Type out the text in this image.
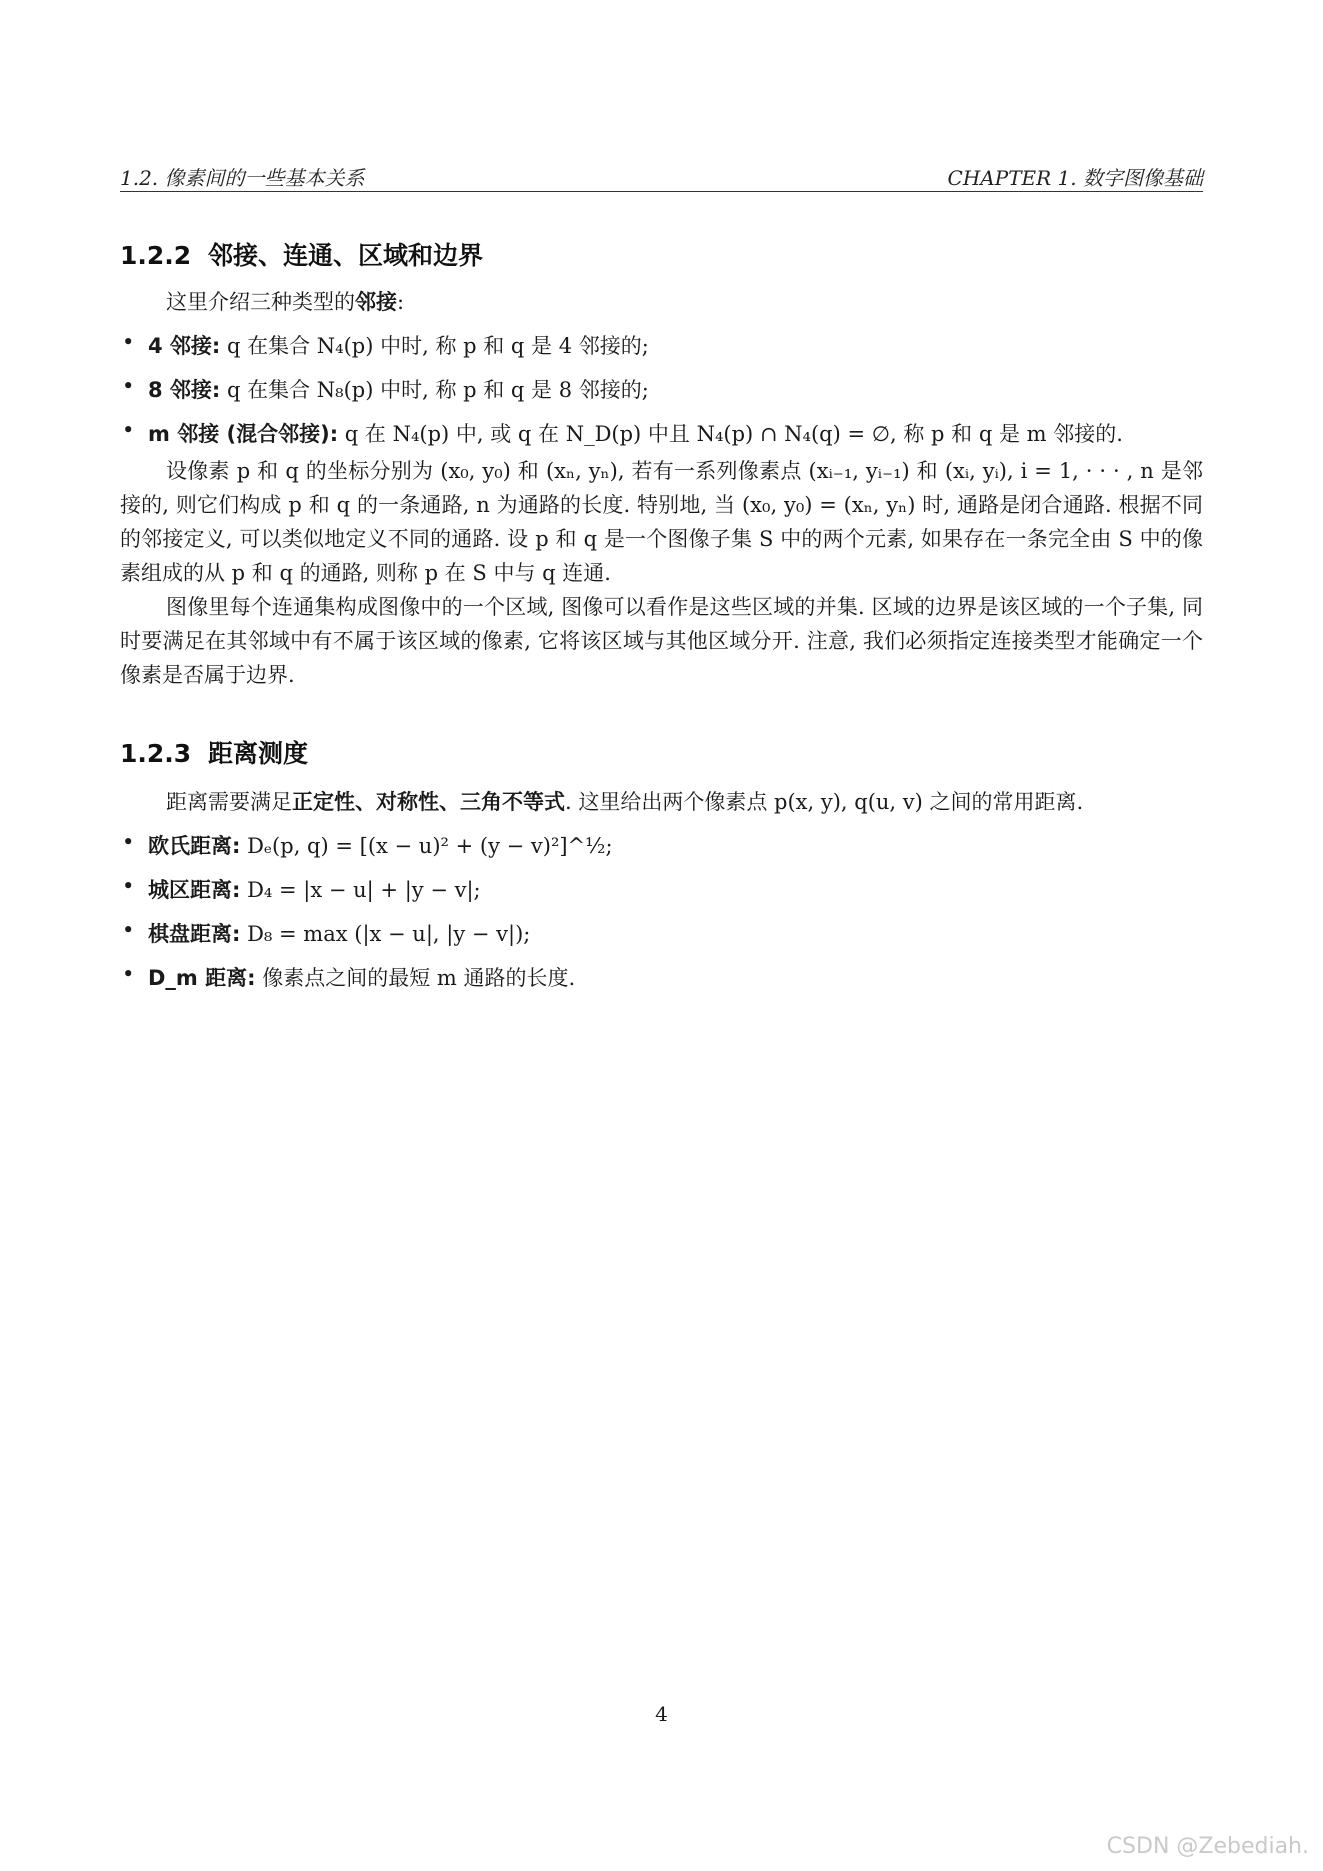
1.2. 像素间的一些基本关系	CHAPTER 1. 数字图像基础
1.2.2 邻接、连通、区域和边界
这里介绍三种类型的邻接:
• 4 邻接: q 在集合 N₄(p) 中时, 称 p 和 q 是 4 邻接的;
• 8 邻接: q 在集合 N₈(p) 中时, 称 p 和 q 是 8 邻接的;
• m 邻接 (混合邻接): q 在 N₄(p) 中, 或 q 在 N_D(p) 中且 N₄(p) ∩ N₄(q) = ∅, 称 p 和 q 是 m 邻接的.
设像素 p 和 q 的坐标分别为 (x₀, y₀) 和 (xₙ, yₙ), 若有一系列像素点 (xᵢ₋₁, yᵢ₋₁) 和 (xᵢ, yᵢ), i = 1, · · · , n 是邻接的, 则它们构成 p 和 q 的一条通路, n 为通路的长度. 特别地, 当 (x₀, y₀) = (xₙ, yₙ) 时, 通路是闭合通路. 根据不同的邻接定义, 可以类似地定义不同的通路. 设 p 和 q 是一个图像子集 S 中的两个元素, 如果存在一条完全由 S 中的像素组成的从 p 和 q 的通路, 则称 p 在 S 中与 q 连通.
图像里每个连通集构成图像中的一个区域, 图像可以看作是这些区域的并集. 区域的边界是该区域的一个子集, 同时要满足在其邻域中有不属于该区域的像素, 它将该区域与其他区域分开. 注意, 我们必须指定连接类型才能确定一个像素是否属于边界.
1.2.3 距离测度
距离需要满足正定性、对称性、三角不等式. 这里给出两个像素点 p(x, y), q(u, v) 之间的常用距离.
• 欧氏距离: Dₑ(p, q) = [(x − u)² + (y − v)²]^½;
• 城区距离: D₄ = |x − u| + |y − v|;
• 棋盘距离: D₈ = max (|x − u|, |y − v|);
• D_m 距离: 像素点之间的最短 m 通路的长度.
4
CSDN @Zebediah.
